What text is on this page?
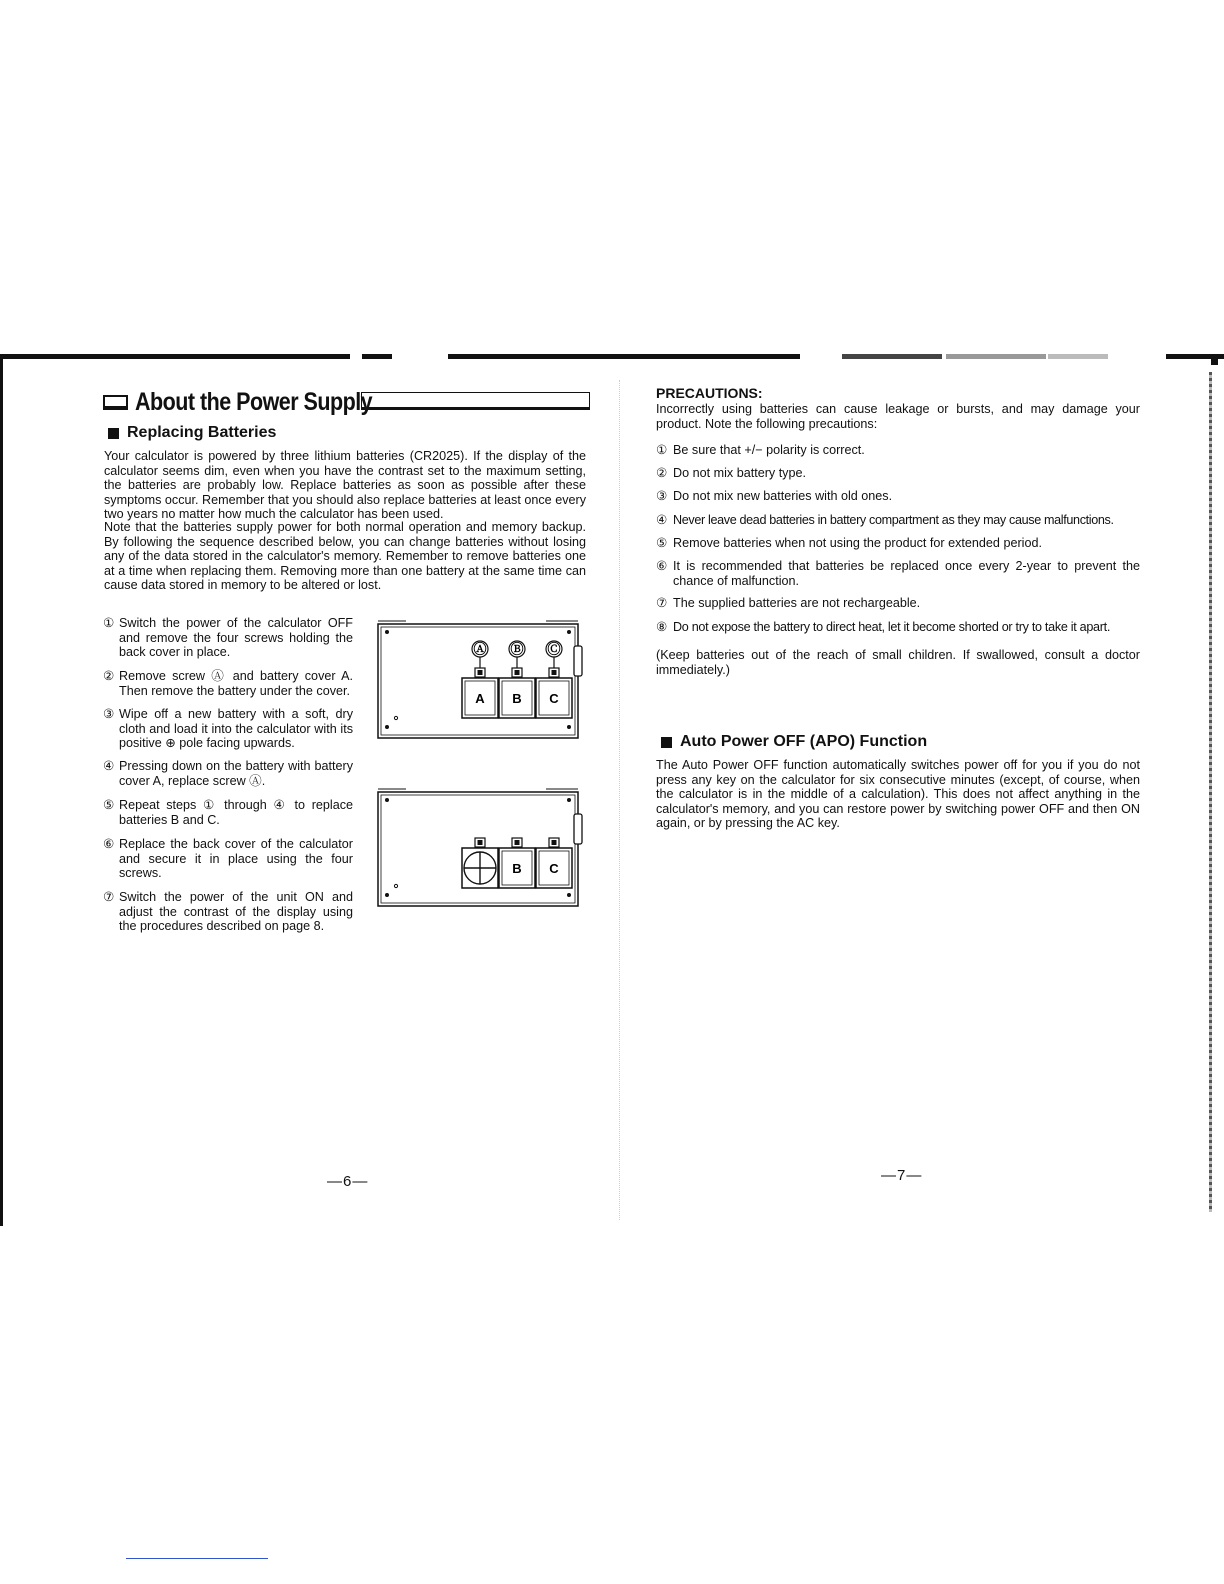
About the Power Supply
Replacing Batteries

Your calculator is powered by three lithium batteries (CR2025). If the display of the calculator seems dim, even when you have the contrast set to the maximum setting, the batteries are probably low. Replace batteries as soon as possible after these symptoms occur. Remember that you should also replace batteries at least once every two years no matter how much the calculator has been used.

Note that the batteries supply power for both normal operation and memory backup. By following the sequence described below, you can change batteries without losing any of the data stored in the calculator's memory. Remember to remove batteries one at a time when replacing them. Removing more than one battery at the same time can cause data stored in memory to be altered or lost.

① Switch the power of the calculator OFF and remove the four screws holding the back cover in place.
② Remove screw Ⓐ and battery cover A. Then remove the battery under the cover.
③ Wipe off a new battery with a soft, dry cloth and load it into the calculator with its positive ⊕ pole facing upwards.
④ Pressing down on the battery with battery cover A, replace screw Ⓐ.
⑤ Repeat steps ① through ④ to replace batteries B and C.
⑥ Replace the back cover of the calculator and secure it in place using the four screws.
⑦ Switch the power of the unit ON and adjust the contrast of the display using the procedures described on page 8.
Ⓐ Ⓑ Ⓒ
A B C
B C
—6—
PRECAUTIONS:

Incorrectly using batteries can cause leakage or bursts, and may damage your product. Note the following precautions:

① Be sure that +/− polarity is correct.
② Do not mix battery type.
③ Do not mix new batteries with old ones.
④ Never leave dead batteries in battery compartment as they may cause malfunctions.
⑤ Remove batteries when not using the product for extended period.
⑥ It is recommended that batteries be replaced once every 2-year to prevent the chance of malfunction.
⑦ The supplied batteries are not rechargeable.
⑧ Do not expose the battery to direct heat, let it become shorted or try to take it apart.

(Keep batteries out of the reach of small children. If swallowed, consult a doctor immediately.)

Auto Power OFF (APO) Function

The Auto Power OFF function automatically switches power off for you if you do not press any key on the calculator for six consecutive minutes (except, of course, when the calculator is in the middle of a calculation). This does not affect anything in the calculator's memory, and you can restore power by switching power OFF and then ON again, or by pressing the AC key.

—7—
